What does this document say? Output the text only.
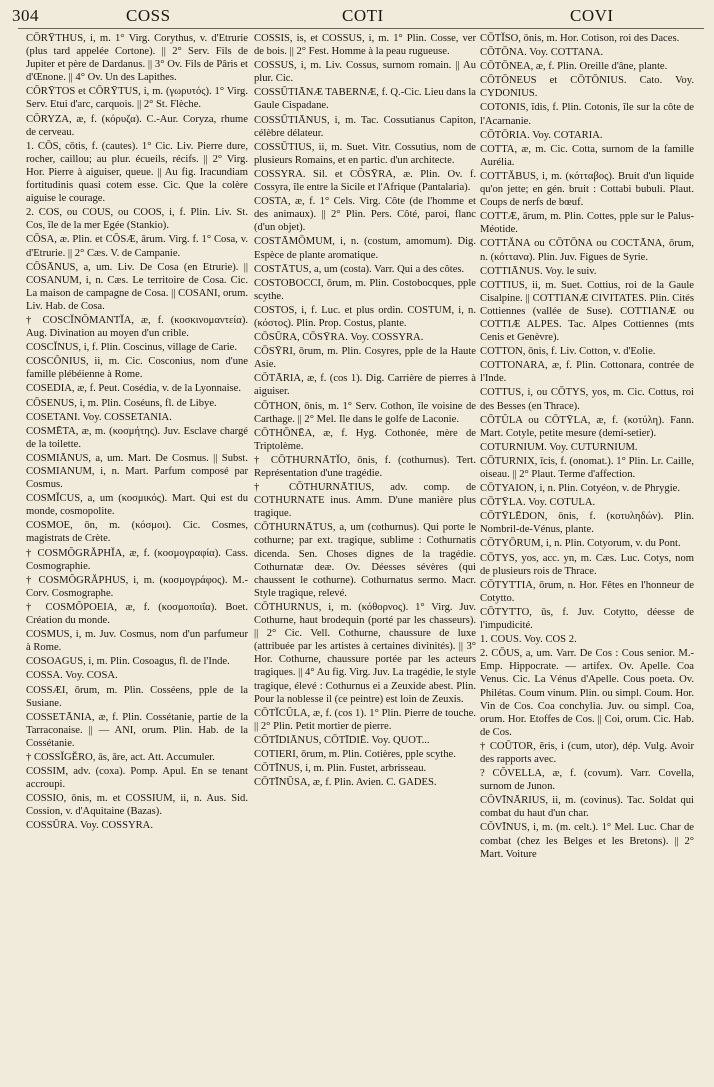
304	COSS	COTI	COVI

CŌRȲTHUS, i, m. 1° Virg. Corythus, v. d'Etrurie (plus tard appelée Cortone). || 2° Serv. Fils de Jupiter et père de Dardanus. || 3° Ov. Fils de Pâris et d'Œnone. || 4° Ov. Un des Lapithes.

CŌRȲTOS et CŌRȲTUS, i, m. (γωρυτός). 1° Virg. Serv. Etui d'arc, carquois. || 2° St. Flèche.

CŎRYZA, æ, f. (κόρυζα). C.-Aur. Coryza, rhume de cerveau.

1. CŌS, cōtis, f. (cautes). 1° Cic. Liv. Pierre dure, rocher, caillou; au plur. écueils, récifs. || 2° Virg. Hor. Pierre à aiguiser, queue. || Au fig. Iracundiam fortitudinis quasi cotem esse. Cic. Que la colère aiguise le courage.

2. COS, ou COUS, ou COOS, i, f. Plin. Liv. St. Cos, île de la mer Egée (Stankio).

CŌSA, æ. Plin. et CŌSÆ, ārum. Virg. f. 1° Cosa, v. d'Etrurie. || 2° Cæs. V. de Campanie.

CŌSĀNUS, a, um. Liv. De Cosa (en Etrurie). || COSANUM, i, n. Cæs. Le territoire de Cosa. Cic. La maison de campagne de Cosa. || COSANI, orum. Liv. Hab. de Cosa.

† COSCĬNŎMANTĬA, æ, f. (κοσκινομαντεία). Aug. Divination au moyen d'un crible.

COSCĬNUS, i, f. Plin. Coscinus, village de Carie.

COSCŌNIUS, ii, m. Cic. Cosconius, nom d'une famille plébéienne à Rome.

COSEDIA, æ, f. Peut. Cosédia, v. de la Lyonnaise.

CŌSENUS, i, m. Plin. Coséuns, fl. de Libye.

COSETANI. Voy. COSSETANIA.

COSMĒTA, æ, m. (κοσμήτης). Juv. Esclave chargé de la toilette.

COSMIĀNUS, a, um. Mart. De Cosmus. || Subst. COSMIANUM, i, n. Mart. Parfum composé par Cosmus.

COSMĬCUS, a, um (κοσμικός). Mart. Qui est du monde, cosmopolite.

COSMOE, ōn, m. (κόσμοι). Cic. Cosmes, magistrats de Crète.

† COSMŎGRĂPHĬA, æ, f. (κοσμογραφία). Cass. Cosmographie.

† COSMŎGRĂPHUS, i, m. (κοσμογράφος). M.-Corv. Cosmographe.

† COSMŎPOEIA, æ, f. (κοσμοποιΐα). Boet. Création du monde.

COSMUS, i, m. Juv. Cosmus, nom d'un parfumeur à Rome.

COSOAGUS, i, m. Plin. Cosoagus, fl. de l'Inde.

COSSA. Voy. COSA.

COSSÆI, ōrum, m. Plin. Cosséens, pple de la Susiane.

COSSETĀNIA, æ, f. Plin. Cossétanie, partie de la Tarraconaise. || — ANI, orum. Plin. Hab. de la Cossétanie.

† COSSĬGĔRO, ās, āre, act. Att. Accumuler.

COSSIM, adv. (coxa). Pomp. Apul. En se tenant accroupi.

COSSIO, ōnis, m. et COSSIUM, ii, n. Aus. Sid. Cossion, v. d'Aquitaine (Bazas).

COSSŪRA. Voy. COSSYRA.

COSSIS, is, et COSSUS, i, m. 1° Plin. Cosse, ver de bois. || 2° Fest. Homme à la peau rugueuse.

COSSUS, i, m. Liv. Cossus, surnom romain. || Au plur. Cic.

COSSŪTIĀNÆ TABERNÆ, f. Q.-Cic. Lieu dans la Gaule Cispadane.

COSSŪTIĀNUS, i, m. Tac. Cossutianus Capiton, célèbre délateur.

COSSŪTIUS, ii, m. Suet. Vitr. Cossutius, nom de plusieurs Romains, et en partic. d'un architecte.

COSSYRA. Sil. et CŎSȲRA, æ. Plin. Ov. f. Cossyra, île entre la Sicile et l'Afrique (Pantalaria).

COSTA, æ, f. 1° Cels. Virg. Côte (de l'homme et des animaux). || 2° Plin. Pers. Côté, paroi, flanc (d'un objet).

COSTĀMŌMUM, i, n. (costum, amomum). Dig. Espèce de plante aromatique.

COSTĀTUS, a, um (costa). Varr. Qui a des côtes.

COSTOBOCCI, ōrum, m. Plin. Costobocques, pple scythe.

COSTOS, i, f. Luc. et plus ordin. COSTUM, i, n. (κόστος). Plin. Prop. Costus, plante.

CŌSŪRA, CŌSȲRA. Voy. COSSYRA.

CŌSȲRI, ōrum, m. Plin. Cosyres, pple de la Haute Asie.

CŌTĀRIA, æ, f. (cos 1). Dig. Carrière de pierres à aiguiser.

CŌTHON, ōnis, m. 1° Serv. Cothon, île voisine de Carthage. || 2° Mel. Ile dans le golfe de Laconie.

CŌTHŌNĒA, æ, f. Hyg. Cothonée, mère de Triptolème.

† CŌTHURNĀTĬO, ōnis, f. (cothurnus). Tert. Représentation d'une tragédie.

† CŌTHURNĀTIUS, adv. comp. de COTHURNATE inus. Amm. D'une manière plus tragique.

CŌTHURNĀTUS, a, um (cothurnus). Qui porte le cothurne; par ext. tragique, sublime : Cothurnatis dicenda. Sen. Choses dignes de la tragédie. Cothurnatæ deæ. Ov. Déesses sévères (qui chaussent le cothurne). Cothurnatus sermo. Macr. Style tragique, relevé.

CŌTHURNUS, i, m. (κόθορνος). 1° Virg. Juv. Cothurne, haut brodequin (porté par les chasseurs). || 2° Cic. Vell. Cothurne, chaussure de luxe (attribuée par les artistes à certaines divinités). || 3° Hor. Cothurne, chaussure portée par les acteurs tragiques. || 4° Au fig. Virg. Juv. La tragédie, le style tragique, élevé : Cothurnus ei a Zeuxide abest. Plin. Pour la noblesse il (ce peintre) est loin de Zeuxis.

CŌTĬCŬLA, æ, f. (cos 1). 1° Plin. Pierre de touche. || 2° Plin. Petit mortier de pierre.

CŌTĪDIĀNUS, CŌTĪDIĒ. Voy. QUOT...

COTIERI, ōrum, m. Plin. Cotières, pple scythe.

CŌTĪNUS, i, m. Plin. Fustet, arbrisseau.

CŌTĪNŪSA, æ, f. Plin. Avien. C. GADES.

CŌTĬSO, ōnis, m. Hor. Cotison, roi des Daces.

CŌTŌNA. Voy. COTTANA.

CŌTŌNEA, æ, f. Plin. Oreille d'âne, plante.

CŌTŌNEUS et CŌTŌNIUS. Cato. Voy. CYDONIUS.

COTONIS, ĭdis, f. Plin. Cotonis, île sur la côte de l'Acarnanie.

CŌTŌRIA. Voy. COTARIA.

COTTA, æ, m. Cic. Cotta, surnom de la famille Aurélia.

COTTĂBUS, i, m. (κότταβος). Bruit d'un liquide qu'on jette; en gén. bruit : Cottabi bubuli. Plaut. Coups de nerfs de bœuf.

COTTÆ, ārum, m. Plin. Cottes, pple sur le Palus-Méotide.

COTTĂNA ou CŌTŌNA ou COCTĀNA, ōrum, n. (κόττανα). Plin. Juv. Figues de Syrie.

COTTIĀNUS. Voy. le suiv.

COTTIUS, ii, m. Suet. Cottius, roi de la Gaule Cisalpine. || COTTIANÆ CIVITATES. Plin. Cités Cottiennes (vallée de Suse). COTTIANÆ ou COTTIÆ ALPES. Tac. Alpes Cottiennes (mts Cenis et Genèvre).

COTTON, ōnis, f. Liv. Cotton, v. d'Eolie.

COTTONARA, æ, f. Plin. Cottonara, contrée de l'Inde.

COTTUS, i, ou CŌTYS, yos, m. Cic. Cottus, roi des Besses (en Thrace).

CŌTŬLA ou CŌTȲLA, æ, f. (κοτύλη). Fann. Mart. Cotyle, petite mesure (demi-setier).

COTURNIUM. Voy. CUTURNIUM.

CŌTURNIX, īcis, f. (onomat.). 1° Plin. Lr. Caille, oiseau. || 2° Plaut. Terme d'affection.

CŌTYAION, i, n. Plin. Cotyéon, v. de Phrygie.

CŌTȲLA. Voy. COTULA.

CŌTȲLĒDON, ōnis, f. (κοτυληδών). Plin. Nombril-de-Vénus, plante.

CŌTYŌRUM, i, n. Plin. Cotyorum, v. du Pont.

CŌTYS, yos, acc. yn, m. Cæs. Luc. Cotys, nom de plusieurs rois de Thrace.

CŌTYTTIA, ōrum, n. Hor. Fêtes en l'honneur de Cotytto.

CŌTYTTO, ūs, f. Juv. Cotytto, déesse de l'impudicité.

1. COUS. Voy. COS 2.

2. CŌUS, a, um. Varr. De Cos : Cous senior. M.-Emp. Hippocrate. — artifex. Ov. Apelle. Coa Venus. Cic. La Vénus d'Apelle. Cous poeta. Ov. Philétas. Coum vinum. Plin. ou simpl. Coum. Hor. Vin de Cos. Coa conchylia. Juv. ou simpl. Coa, orum. Hor. Etoffes de Cos. || Coi, orum. Cic. Hab. de Cos.

† COŪTOR, ĕris, i (cum, utor), dép. Vulg. Avoir des rapports avec.

? CŎVELLA, æ, f. (covum). Varr. Covella, surnom de Junon.

CŎVĪNĀRIUS, ii, m. (covinus). Tac. Soldat qui combat du haut d'un char.

CŎVĪNUS, i, m. (m. celt.). 1° Mel. Luc. Char de combat (chez les Belges et les Bretons). || 2° Mart. Voiture
